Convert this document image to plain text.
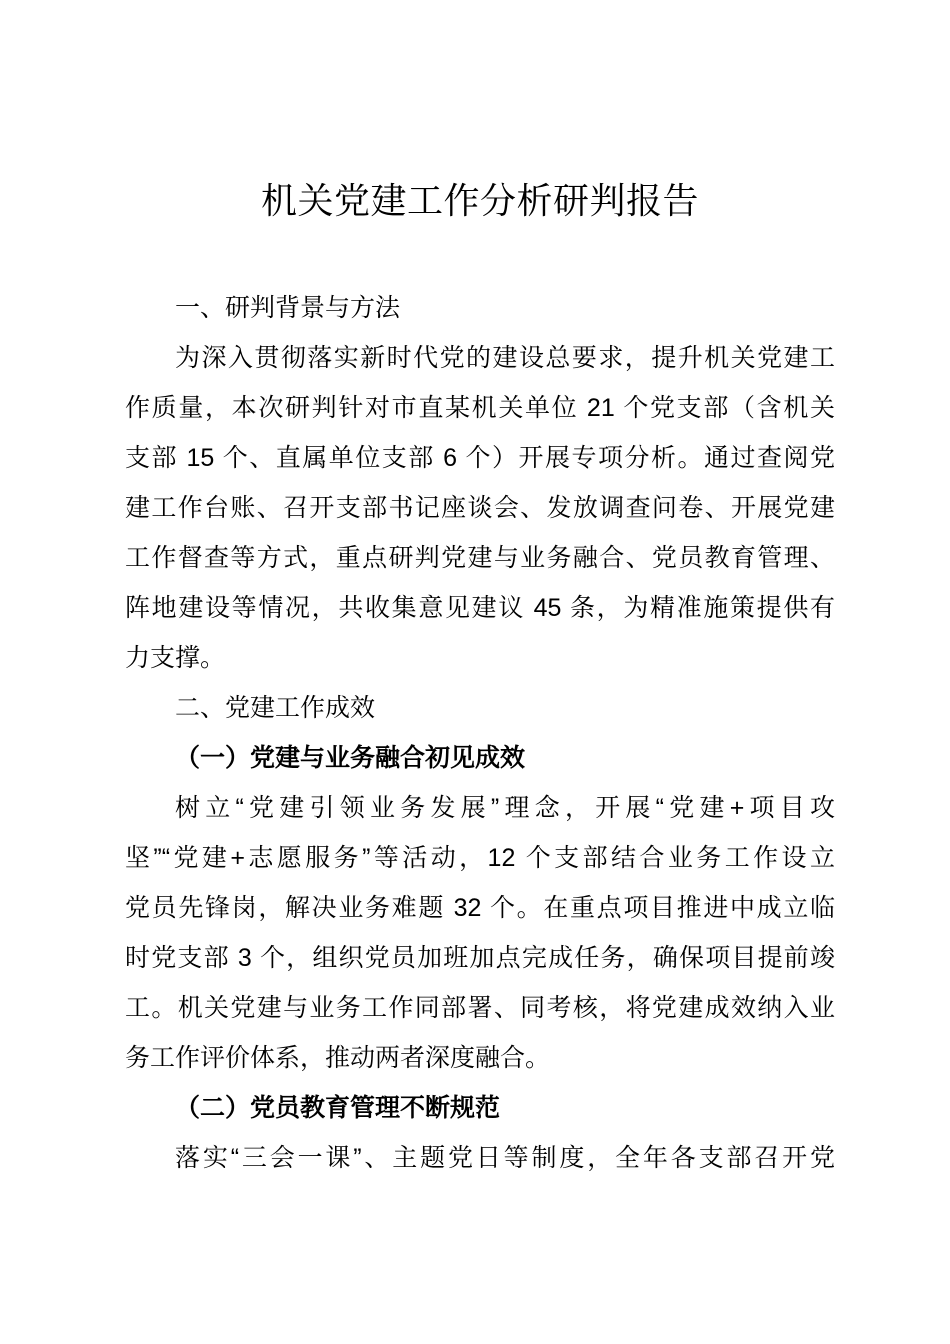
机关党建工作分析研判报告
一、研判背景与方法
为深入贯彻落实新时代党的建设总要求，提升机关党建工
作质量，本次研判针对市直某机关单位 21 个党支部（含机关
支部 15 个、直属单位支部 6 个）开展专项分析。通过查阅党
建工作台账、召开支部书记座谈会、发放调查问卷、开展党建
工作督查等方式，重点研判党建与业务融合、党员教育管理、
阵地建设等情况，共收集意见建议 45 条，为精准施策提供有
力支撑。
二、党建工作成效
（一）党建与业务融合初见成效
树立“党建引领业务发展”理念，开展“党建+项目攻
坚”“党建+志愿服务”等活动，12 个支部结合业务工作设立
党员先锋岗，解决业务难题 32 个。在重点项目推进中成立临
时党支部 3 个，组织党员加班加点完成任务，确保项目提前竣
工。机关党建与业务工作同部署、同考核，将党建成效纳入业
务工作评价体系，推动两者深度融合。
（二）党员教育管理不断规范
落实“三会一课”、主题党日等制度，全年各支部召开党
